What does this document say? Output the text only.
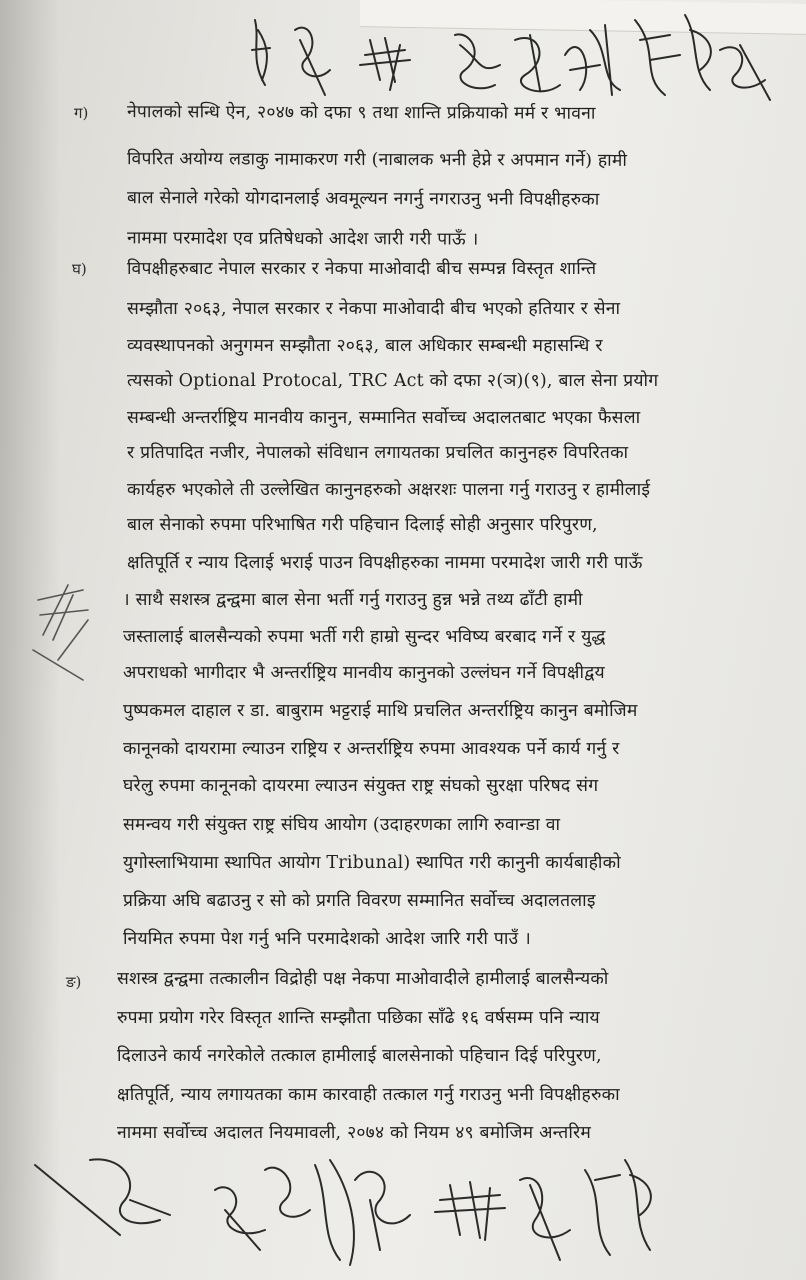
ग) नेपालको सन्धि ऐन, २०४७ को दफा ९ तथा शान्ति प्रक्रियाको मर्म र भावना
विपरित अयोग्य लडाकु नामाकरण गरी (नाबालक भनी हेप्ने र अपमान गर्ने) हामी
बाल सेनाले गरेको योगदानलाई अवमूल्यन नगर्नु नगराउनु भनी विपक्षीहरुका
नाममा परमादेश एव प्रतिषेधको आदेश जारी गरी पाऊँ ।
घ) विपक्षीहरुबाट नेपाल सरकार र नेकपा माओवादी बीच सम्पन्न विस्तृत शान्ति
सम्झौता २०६३, नेपाल सरकार र नेकपा माओवादी बीच भएको हतियार र सेना
व्यवस्थापनको अनुगमन सम्झौता २०६३, बाल अधिकार सम्बन्धी महासन्धि र
त्यसको Optional Protocal, TRC Act को दफा २(ञ)(९), बाल सेना प्रयोग
सम्बन्धी अन्तर्राष्ट्रिय मानवीय कानुन, सम्मानित सर्वोच्च अदालतबाट भएका फैसला
र प्रतिपादित नजीर, नेपालको संविधान लगायतका प्रचलित कानुनहरु विपरितका
कार्यहरु भएकोले ती उल्लेखित कानुनहरुको अक्षरशः पालना गर्नु गराउनु र हामीलाई
बाल सेनाको रुपमा परिभाषित गरी पहिचान दिलाई सोही अनुसार परिपुरण,
क्षतिपूर्ति र न्याय दिलाई भराई पाउन विपक्षीहरुका नाममा परमादेश जारी गरी पाऊँ
। साथै सशस्त्र द्वन्द्वमा बाल सेना भर्ती गर्नु गराउनु हुन्न भन्ने तथ्य ढाँटी हामी
जस्तालाई बालसैन्यको रुपमा भर्ती गरी हाम्रो सुन्दर भविष्य बरबाद गर्ने र युद्ध
अपराधको भागीदार भै अन्तर्राष्ट्रिय मानवीय कानुनको उल्लंघन गर्ने विपक्षीद्वय
पुष्पकमल दाहाल र डा. बाबुराम भट्टराई माथि प्रचलित अन्तर्राष्ट्रिय कानुन बमोजिम
कानूनको दायरामा ल्याउन राष्ट्रिय र अन्तर्राष्ट्रिय रुपमा आवश्यक पर्ने कार्य गर्नु र
घरेलु रुपमा कानूनको दायरमा ल्याउन संयुक्त राष्ट्र संघको सुरक्षा परिषद संग
समन्वय गरी संयुक्त राष्ट्र संघिय आयोग (उदाहरणका लागि रुवान्डा वा
युगोस्लाभियामा स्थापित आयोग Tribunal) स्थापित गरी कानुनी कार्यबाहीको
प्रक्रिया अघि बढाउनु र सो को प्रगति विवरण सम्मानित सर्वोच्च अदालतलाइ
नियमित रुपमा पेश गर्नु भनि परमादेशको आदेश जारि गरी पाउँ ।
ङ) सशस्त्र द्वन्द्वमा तत्कालीन विद्रोही पक्ष नेकपा माओवादीले हामीलाई बालसैन्यको
रुपमा प्रयोग गरेर विस्तृत शान्ति सम्झौता पछिका साँढे १६ वर्षसम्म पनि न्याय
दिलाउने कार्य नगरेकोले तत्काल हामीलाई बालसेनाको पहिचान दिई परिपुरण,
क्षतिपूर्ति, न्याय लगायतका काम कारवाही तत्काल गर्नु गराउनु भनी विपक्षीहरुका
नाममा सर्वोच्च अदालत नियमावली, २०७४ को नियम ४९ बमोजिम अन्तरिम
